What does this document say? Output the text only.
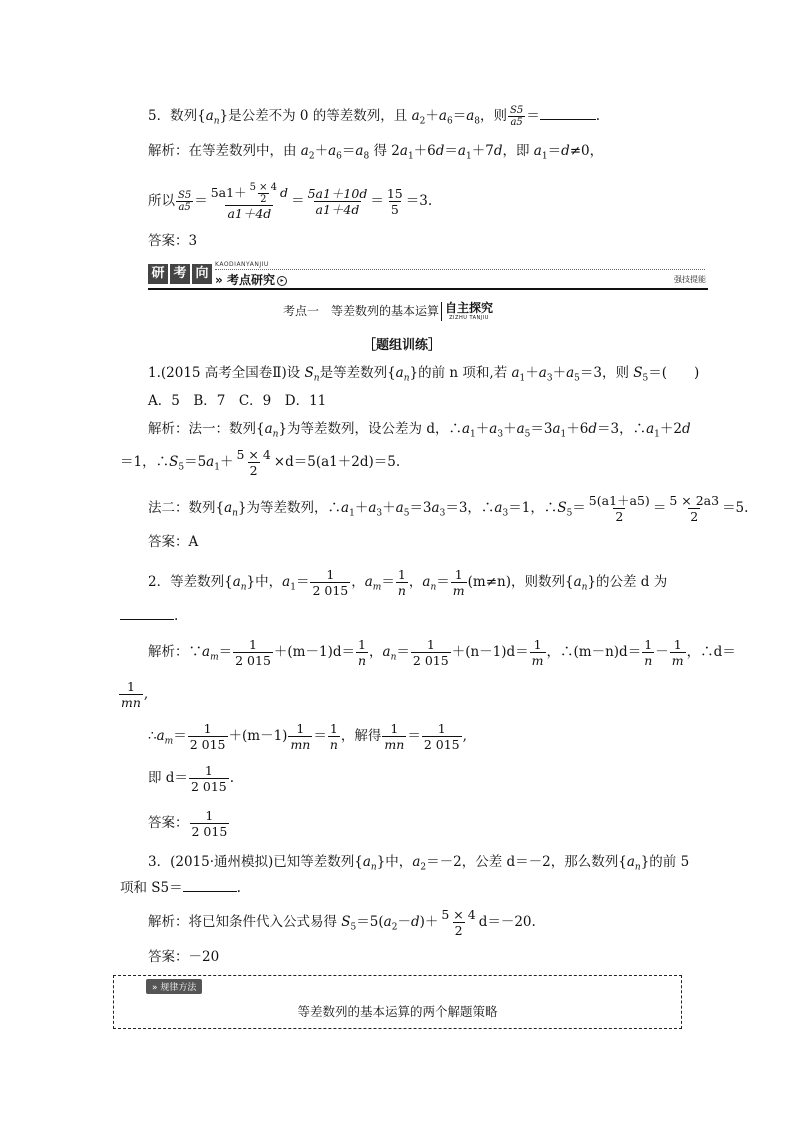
5．数列$\{a_n\}$是公差不为 0 的等差数列，且 $a_2+a_6=a_8$，则 $\frac{S5}{a5}$ ＝	.
解析：在等差数列中，由 $a_2+a_6=a_8$ 得 $2a_1+6d=a_1+7d$，即 $a_1=d\ne 0$，
所以 $\frac{S5}{a5} = \frac{5a1+ \frac{5 \times 4}{2} d}{a1+4d} = \frac{5a1+10d}{a1+4d} = \frac{15}{5} =3$.
答案：3
研 考 向
KAODIANYANJIU
» 考点研究 ▸	强技提能
考点一　等差数列的基本运算 自主探究
ZIZHU TANJIU
［题组训练］
1.(2015 高考全国卷Ⅱ)设 $S_n$是等差数列$\{a_n\}$的前 n 项和,若 $a_1+a_3+a_5=3$，则 $S_5=$(　　)
A．5　B．7　C．9　D．11
解析：法一：数列$\{a_n\}$为等差数列，设公差为 d，$\therefore a_1+a_3+a_5=3a_1+6d=3$，$\therefore a_1+2d$
＝1，$\therefore S_5=5a_1+ \frac{5 \times 4}{2} \times d=5(a1+2d)=5$.
法二：数列$\{a_n\}$为等差数列，$\therefore a_1+a_3+a_5=3a_3=3$，$\therefore a_3=1$，$\therefore S_5= \frac{5(a1+a5)}{2} = \frac{5 \times 2a3}{2} =5$.
答案：A
2．等差数列$\{a_n\}$中，$a_1= \frac{1}{2 015}$ ，$a_m= \frac{1}{n}$ ，$a_n= \frac{1}{m} (m\ne n)$，则数列$\{a_n\}$的公差 d 为
.
解析：$\because a_m= \frac{1}{2 015} +(m-1)d= \frac{1}{n}$ ，$a_n= \frac{1}{2 015} +(n-1)d= \frac{1}{m}$ ，∴(m－n)d＝ $\frac{1}{n} - \frac{1}{m}$ ，∴d＝
$\frac{1}{mn}$ ,
$\therefore a_m= \frac{1}{2 015} +(m-1) \frac{1}{mn} = \frac{1}{n}$ ，解得 $\frac{1}{mn} = \frac{1}{2 015}$ ,
即 $d= \frac{1}{2 015}$ .
答案： $\frac{1}{2 015}$
3．(2015·通州模拟)已知等差数列$\{a_n\}$中，$a_2=-2$，公差 d＝－2，那么数列$\{a_n\}$的前 5
项和 S5＝	.
解析：将已知条件代入公式易得 $S_5=5(a_2-d)+ \frac{5 \times 4}{2} d=-20$.
答案：－20
» 规律方法
等差数列的基本运算的两个解题策略
